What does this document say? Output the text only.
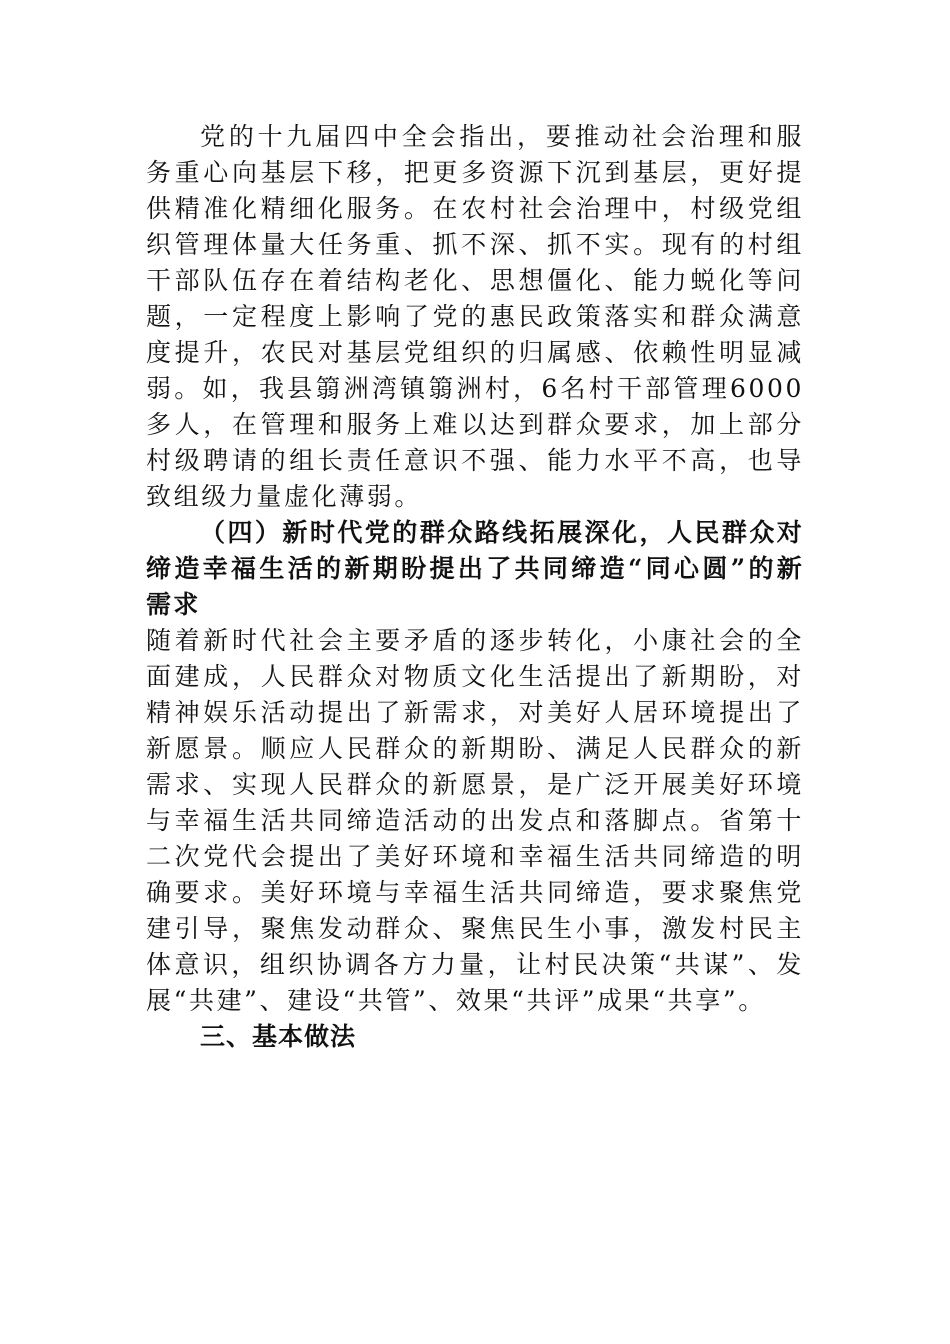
党的十九届四中全会指出，要推动社会治理和服务重心向基层下移，把更多资源下沉到基层，更好提供精准化精细化服务。在农村社会治理中，村级党组织管理体量大任务重、抓不深、抓不实。现有的村组干部队伍存在着结构老化、思想僵化、能力蜕化等问题，一定程度上影响了党的惠民政策落实和群众满意度提升，农民对基层党组织的归属感、依赖性明显减弱。如，我县篛洲湾镇篛洲村，6名村干部管理6000多人，在管理和服务上难以达到群众要求，加上部分村级聘请的组长责任意识不强、能力水平不高，也导致组级力量虚化薄弱。

（四）新时代党的群众路线拓展深化，人民群众对缔造幸福生活的新期盼提出了共同缔造“同心圆”的新需求

随着新时代社会主要矛盾的逐步转化，小康社会的全面建成，人民群众对物质文化生活提出了新期盼，对精神娱乐活动提出了新需求，对美好人居环境提出了新愿景。顺应人民群众的新期盼、满足人民群众的新需求、实现人民群众的新愿景，是广泛开展美好环境与幸福生活共同缔造活动的出发点和落脚点。省第十二次党代会提出了美好环境和幸福生活共同缔造的明确要求。美好环境与幸福生活共同缔造，要求聚焦党建引导，聚焦发动群众、聚焦民生小事，激发村民主体意识，组织协调各方力量，让村民决策“共谋”、发展“共建”、建设“共管”、效果“共评”成果“共享”。

三、基本做法
